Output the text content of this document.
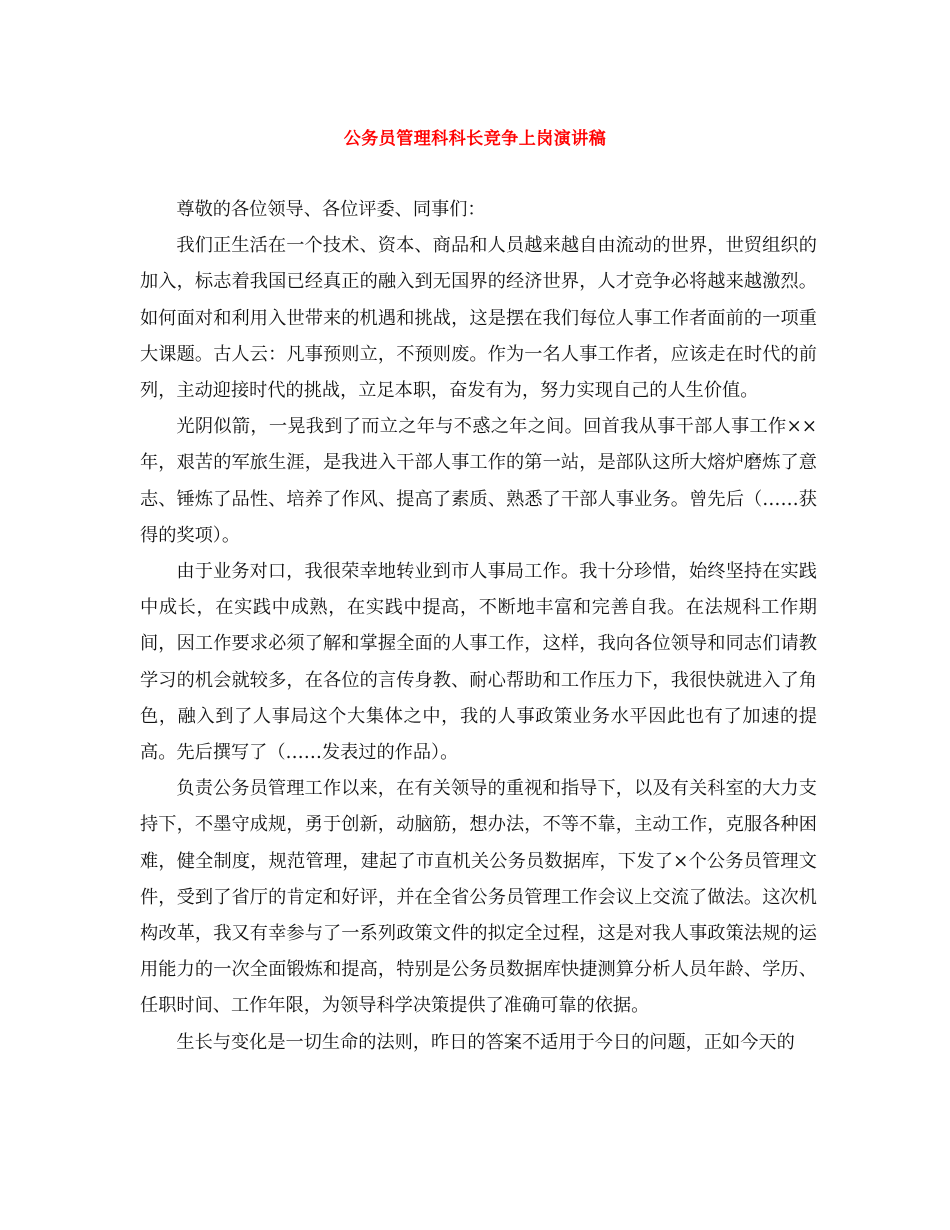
公务员管理科科长竞争上岗演讲稿

尊敬的各位领导、各位评委、同事们：

我们正生活在一个技术、资本、商品和人员越来越自由流动的世界，世贸组织的加入，标志着我国已经真正的融入到无国界的经济世界，人才竞争必将越来越激烈。如何面对和利用入世带来的机遇和挑战，这是摆在我们每位人事工作者面前的一项重大课题。古人云：凡事预则立，不预则废。作为一名人事工作者，应该走在时代的前列，主动迎接时代的挑战，立足本职，奋发有为，努力实现自己的人生价值。

光阴似箭，一晃我到了而立之年与不惑之年之间。回首我从事干部人事工作××年，艰苦的军旅生涯，是我进入干部人事工作的第一站，是部队这所大熔炉磨炼了意志、锤炼了品性、培养了作风、提高了素质、熟悉了干部人事业务。曾先后（……获得的奖项）。

由于业务对口，我很荣幸地转业到市人事局工作。我十分珍惜，始终坚持在实践中成长，在实践中成熟，在实践中提高，不断地丰富和完善自我。在法规科工作期间，因工作要求必须了解和掌握全面的人事工作，这样，我向各位领导和同志们请教学习的机会就较多，在各位的言传身教、耐心帮助和工作压力下，我很快就进入了角色，融入到了人事局这个大集体之中，我的人事政策业务水平因此也有了加速的提高。先后撰写了（……发表过的作品）。

负责公务员管理工作以来，在有关领导的重视和指导下，以及有关科室的大力支持下，不墨守成规，勇于创新，动脑筋，想办法，不等不靠，主动工作，克服各种困难，健全制度，规范管理，建起了市直机关公务员数据库，下发了×个公务员管理文件，受到了省厅的肯定和好评，并在全省公务员管理工作会议上交流了做法。这次机构改革，我又有幸参与了一系列政策文件的拟定全过程，这是对我人事政策法规的运用能力的一次全面锻炼和提高，特别是公务员数据库快捷测算分析人员年龄、学历、任职时间、工作年限，为领导科学决策提供了准确可靠的依据。

生长与变化是一切生命的法则，昨日的答案不适用于今日的问题，正如今天的
